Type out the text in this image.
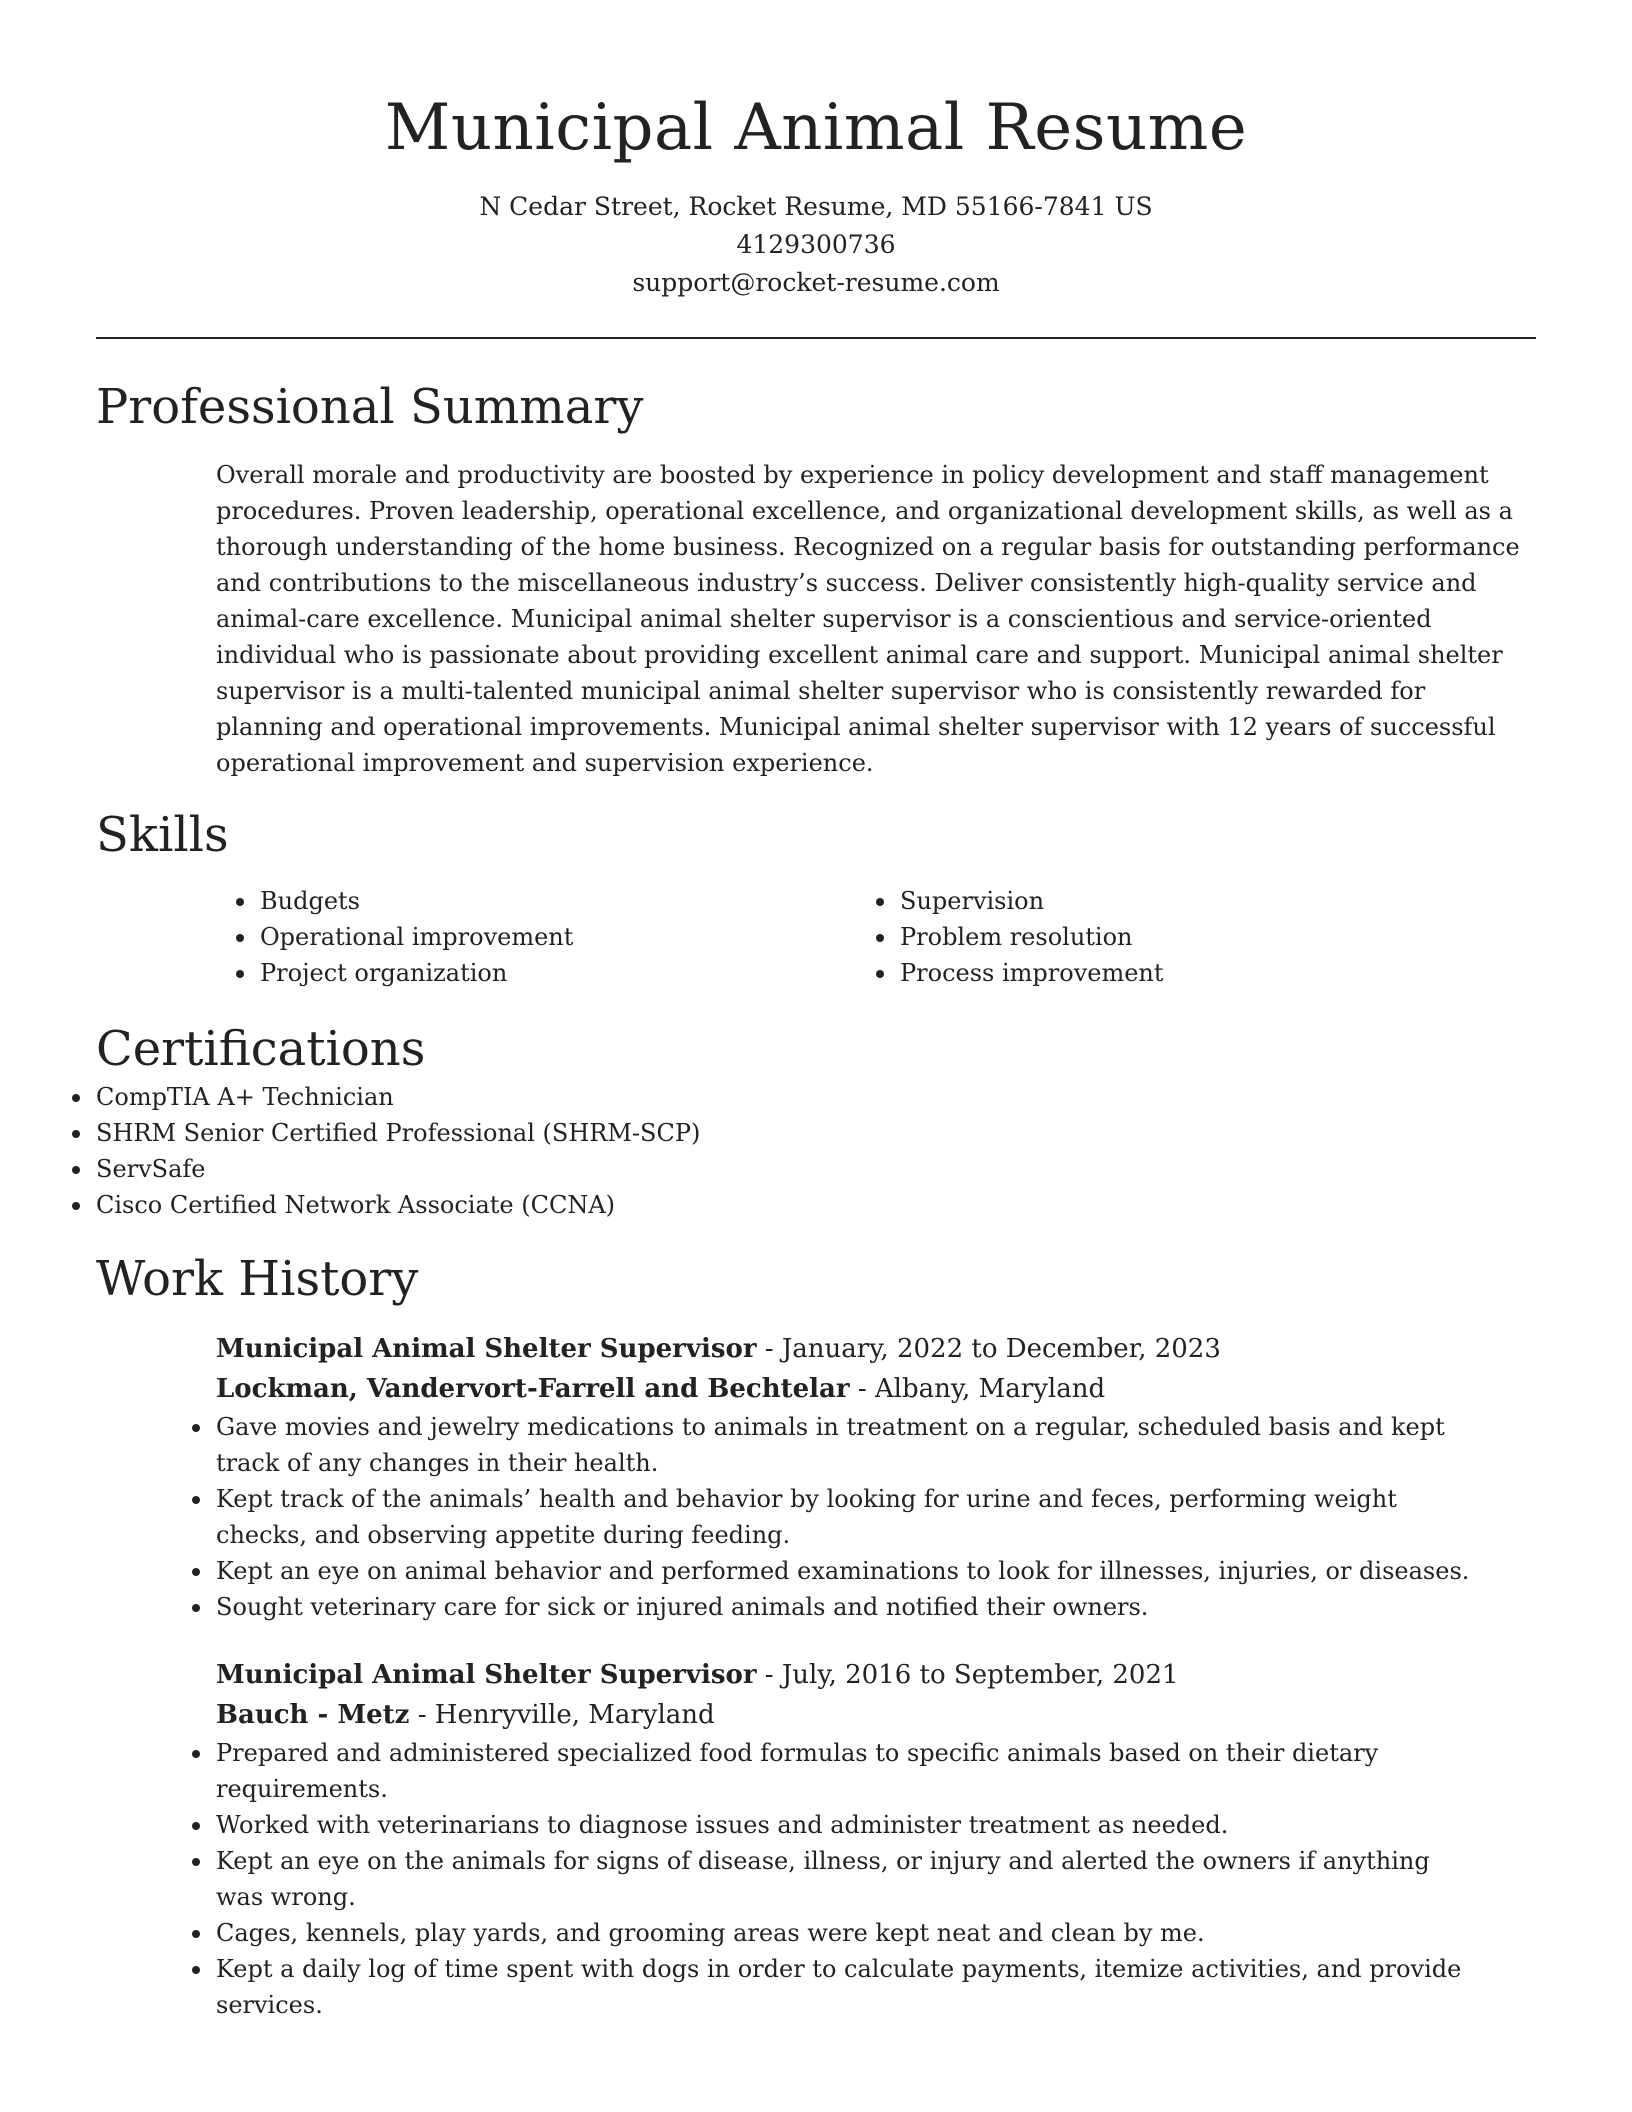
Municipal Animal Resume
N Cedar Street, Rocket Resume, MD 55166-7841 US
4129300736
support@rocket-resume.com
Professional Summary

Overall morale and productivity are boosted by experience in policy development and staff management procedures. Proven leadership, operational excellence, and organizational development skills, as well as a thorough understanding of the home business. Recognized on a regular basis for outstanding performance and contributions to the miscellaneous industry’s success. Deliver consistently high-quality service and animal-care excellence. Municipal animal shelter supervisor is a conscientious and service-oriented individual who is passionate about providing excellent animal care and support. Municipal animal shelter supervisor is a multi-talented municipal animal shelter supervisor who is consistently rewarded for planning and operational improvements. Municipal animal shelter supervisor with 12 years of successful operational improvement and supervision experience.

Skills
Budgets
Operational improvement
Project organization
Supervision
Problem resolution
Process improvement
Certifications
CompTIA A+ Technician
SHRM Senior Certified Professional (SHRM-SCP)
ServSafe
Cisco Certified Network Associate (CCNA)
Work History
Municipal Animal Shelter Supervisor - January, 2022 to December, 2023
Lockman, Vandervort-Farrell and Bechtelar - Albany, Maryland
Gave movies and jewelry medications to animals in treatment on a regular, scheduled basis and kept track of any changes in their health.
Kept track of the animals’ health and behavior by looking for urine and feces, performing weight checks, and observing appetite during feeding.
Kept an eye on animal behavior and performed examinations to look for illnesses, injuries, or diseases.
Sought veterinary care for sick or injured animals and notified their owners.
Municipal Animal Shelter Supervisor - July, 2016 to September, 2021
Bauch - Metz - Henryville, Maryland
Prepared and administered specialized food formulas to specific animals based on their dietary requirements.
Worked with veterinarians to diagnose issues and administer treatment as needed.
Kept an eye on the animals for signs of disease, illness, or injury and alerted the owners if anything was wrong.
Cages, kennels, play yards, and grooming areas were kept neat and clean by me.
Kept a daily log of time spent with dogs in order to calculate payments, itemize activities, and provide services.
